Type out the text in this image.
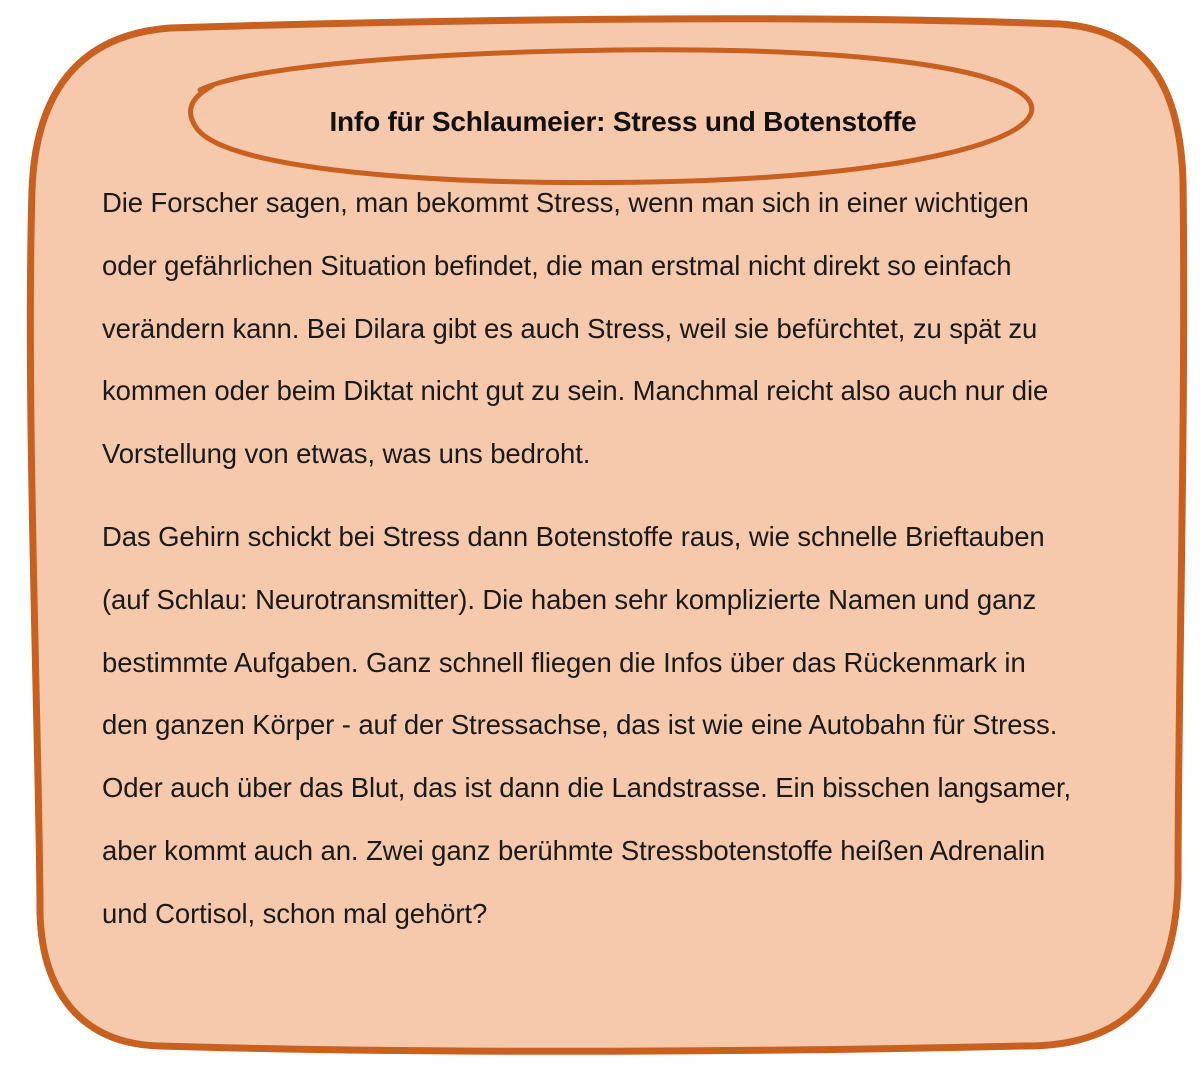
Info für Schlaumeier: Stress und Botenstoffe
Die Forscher sagen, man bekommt Stress, wenn man sich in einer wichtigen
oder gefährlichen Situation befindet, die man erstmal nicht direkt so einfach
verändern kann. Bei Dilara gibt es auch Stress, weil sie befürchtet, zu spät zu
kommen oder beim Diktat nicht gut zu sein. Manchmal reicht also auch nur die
Vorstellung von etwas, was uns bedroht.
Das Gehirn schickt bei Stress dann Botenstoffe raus, wie schnelle Brieftauben
(auf Schlau: Neurotransmitter). Die haben sehr komplizierte Namen und ganz
bestimmte Aufgaben. Ganz schnell fliegen die Infos über das Rückenmark in
den ganzen Körper - auf der Stressachse, das ist wie eine Autobahn für Stress.
Oder auch über das Blut, das ist dann die Landstrasse. Ein bisschen langsamer,
aber kommt auch an. Zwei ganz berühmte Stressbotenstoffe heißen Adrenalin
und Cortisol, schon mal gehört?
